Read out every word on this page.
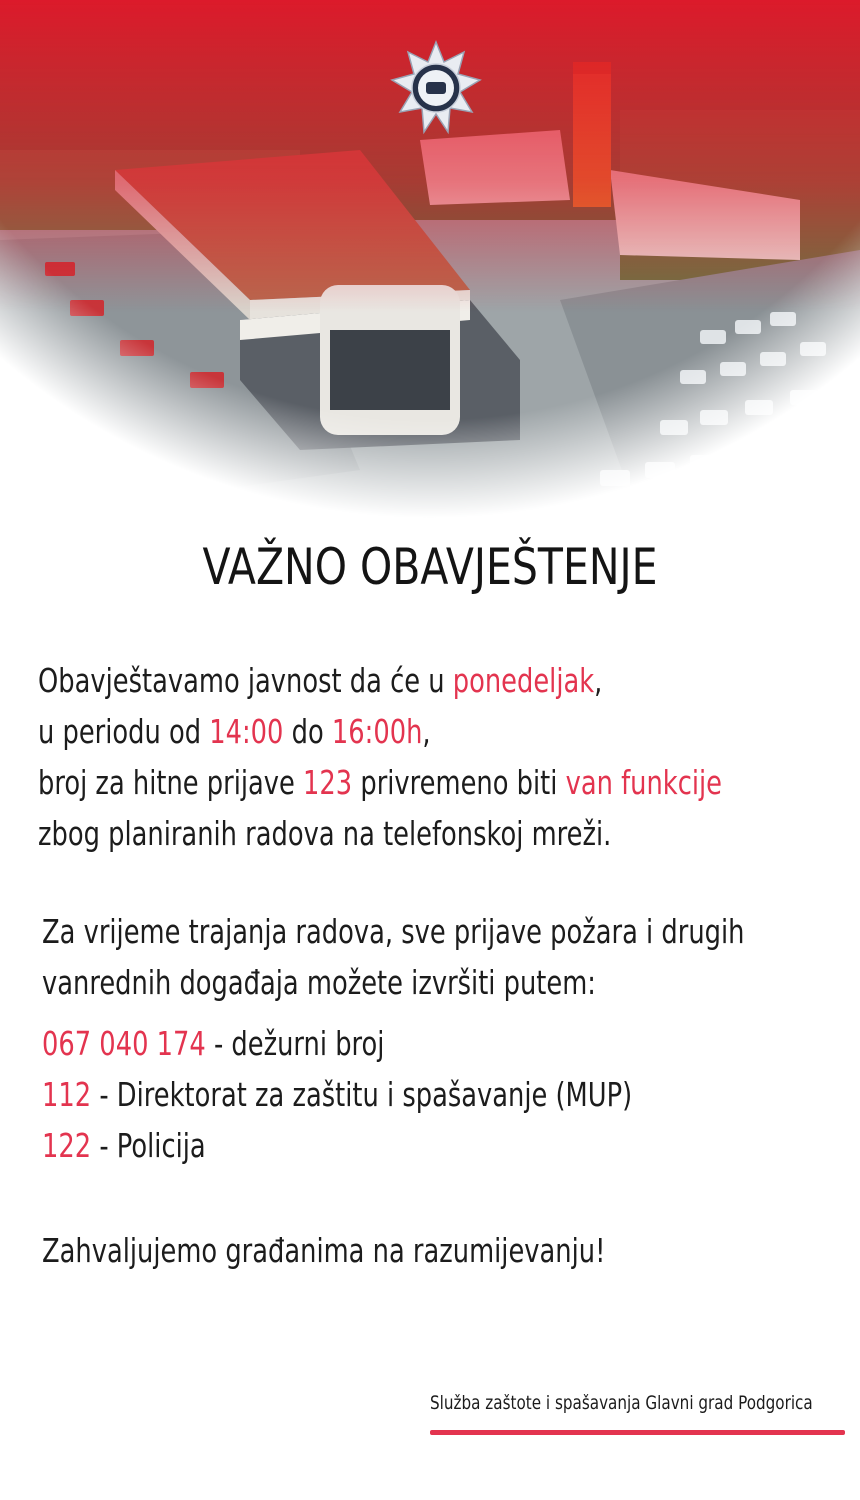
VAŽNO OBAVJEŠTENJE
Obavještavamo javnost da će u ponedeljak,
u periodu od 14:00 do 16:00h,
broj za hitne prijave 123 privremeno biti van funkcije
zbog planiranih radova na telefonskoj mreži.
Za vrijeme trajanja radova, sve prijave požara i drugih
vanrednih događaja možete izvršiti putem:
067 040 174 - dežurni broj
112 - Direktorat za zaštitu i spašavanje (MUP)
122 - Policija
Zahvaljujemo građanima na razumijevanju!
Služba zaštote i spašavanja Glavni grad Podgorica
